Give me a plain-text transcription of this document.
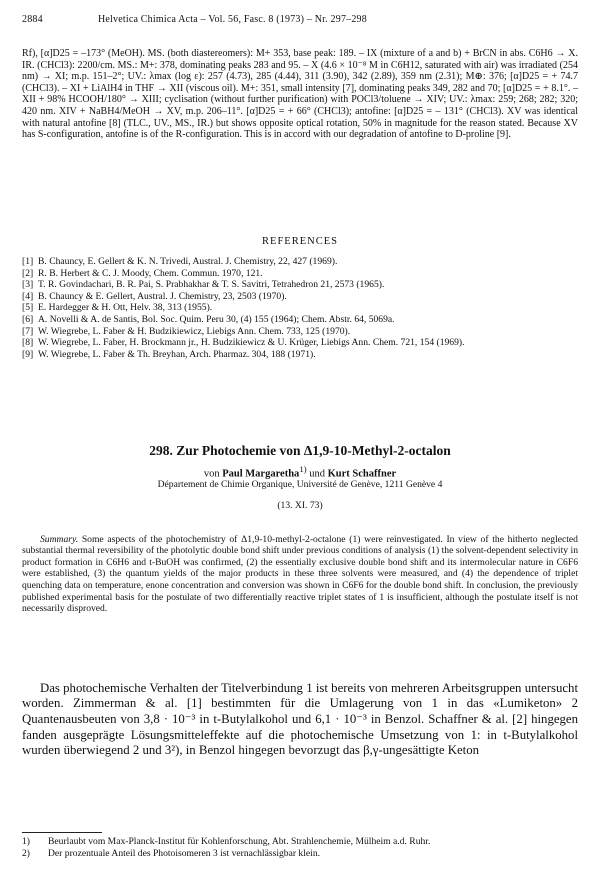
2884	Helvetica Chimica Acta – Vol. 56, Fasc. 8 (1973) – Nr. 297–298

Rf), [α]D25 = –173° (MeOH). MS. (both diastereomers): M+ 353, base peak: 189. – IX (mixture of a and b) + BrCN in abs. C6H6 → X. IR. (CHCl3): 2200/cm. MS.: M+: 378, dominating peaks 283 and 95. – X (4.6 × 10⁻⁸ M in C6H12, saturated with air) was irradiated (254 nm) → XI; m.p. 151–2°; UV.: λmax (log ε): 257 (4.73), 285 (4.44), 311 (3.90), 342 (2.89), 359 nm (2.31); M⊕: 376; [α]D25 = + 74.7 (CHCl3). – XI + LiAlH4 in THF → XII (viscous oil). M+: 351, small intensity [7], dominating peaks 349, 282 and 70; [α]D25 = + 8.1°. – XII + 98% HCOOH/180° → XIII; cyclisation (without further purification) with POCl3/toluene → XIV; UV.: λmax: 259; 268; 282; 320; 420 nm. XIV + NaBH4/MeOH → XV, m.p. 206–11°. [α]D25 = + 66° (CHCl3); antofine: [α]D25 = – 131° (CHCl3). XV was identical with natural antofine [8] (TLC., UV., MS., IR.) but shows opposite optical rotation, 50% in magnitude for the reason stated. Because XV has S-configuration, antofine is of the R-configuration. This is in accord with our degradation of antofine to D-proline [9].

REFERENCES
[1] B. Chauncy, E. Gellert & K. N. Trivedi, Austral. J. Chemistry, 22, 427 (1969).
[2] R. B. Herbert & C. J. Moody, Chem. Commun. 1970, 121.
[3] T. R. Govindachari, B. R. Pai, S. Prabhakhar & T. S. Savitri, Tetrahedron 21, 2573 (1965).
[4] B. Chauncy & E. Gellert, Austral. J. Chemistry, 23, 2503 (1970).
[5] E. Hardegger & H. Ott, Helv. 38, 313 (1955).
[6] A. Novelli & A. de Santis, Bol. Soc. Quim. Peru 30, (4) 155 (1964); Chem. Abstr. 64, 5069a.
[7] W. Wiegrebe, L. Faber & H. Budzikiewicz, Liebigs Ann. Chem. 733, 125 (1970).
[8] W. Wiegrebe, L. Faber, H. Brockmann jr., H. Budzikiewicz & U. Krüger, Liebigs Ann. Chem. 721, 154 (1969).
[9] W. Wiegrebe, L. Faber & Th. Breyhan, Arch. Pharmaz. 304, 188 (1971).
298. Zur Photochemie von Δ1,9-10-Methyl-2-octalon
von Paul Margaretha$^{1)}$ und Kurt Schaffner
Département de Chimie Organique, Université de Genève, 1211 Genève 4
(13. XI. 73)

Summary. Some aspects of the photochemistry of Δ1,9-10-methyl-2-octalone (1) were reinvestigated. In view of the hitherto neglected substantial thermal reversibility of the photolytic double bond shift under previous conditions of analysis (1) the solvent-dependent selectivity in product formation in C6H6 and t-BuOH was confirmed, (2) the essentially exclusive double bond shift and its intermolecular nature in C6F6 were established, (3) the quantum yields of the major products in these three solvents were measured, and (4) the dependence of triplet quenching data on temperature, enone concentration and conversion was shown in C6F6 for the double bond shift. In conclusion, the previously published experimental basis for the postulate of two differentially reactive triplet states of 1 is insufficient, although the postulate itself is not necessarily disproved.

Das photochemische Verhalten der Titelverbindung 1 ist bereits von mehreren Arbeitsgruppen untersucht worden. Zimmerman & al. [1] bestimmten für die Umlagerung von 1 in das «Lumiketon» 2 Quantenausbeuten von 3,8 · 10⁻³ in t-Butylalkohol und 6,1 · 10⁻³ in Benzol. Schaffner & al. [2] hingegen fanden ausgeprägte Lösungsmitteleffekte auf die photochemische Umsetzung von 1: in t-Butylalkohol wurden überwiegend 2 und 3²), in Benzol hingegen bevorzugt das β,γ-ungesättigte Keton

1)	Beurlaubt vom Max-Planck-Institut für Kohlenforschung, Abt. Strahlenchemie, Mülheim a.d. Ruhr.
2)	Der prozentuale Anteil des Photoisomeren 3 ist vernachlässigbar klein.
